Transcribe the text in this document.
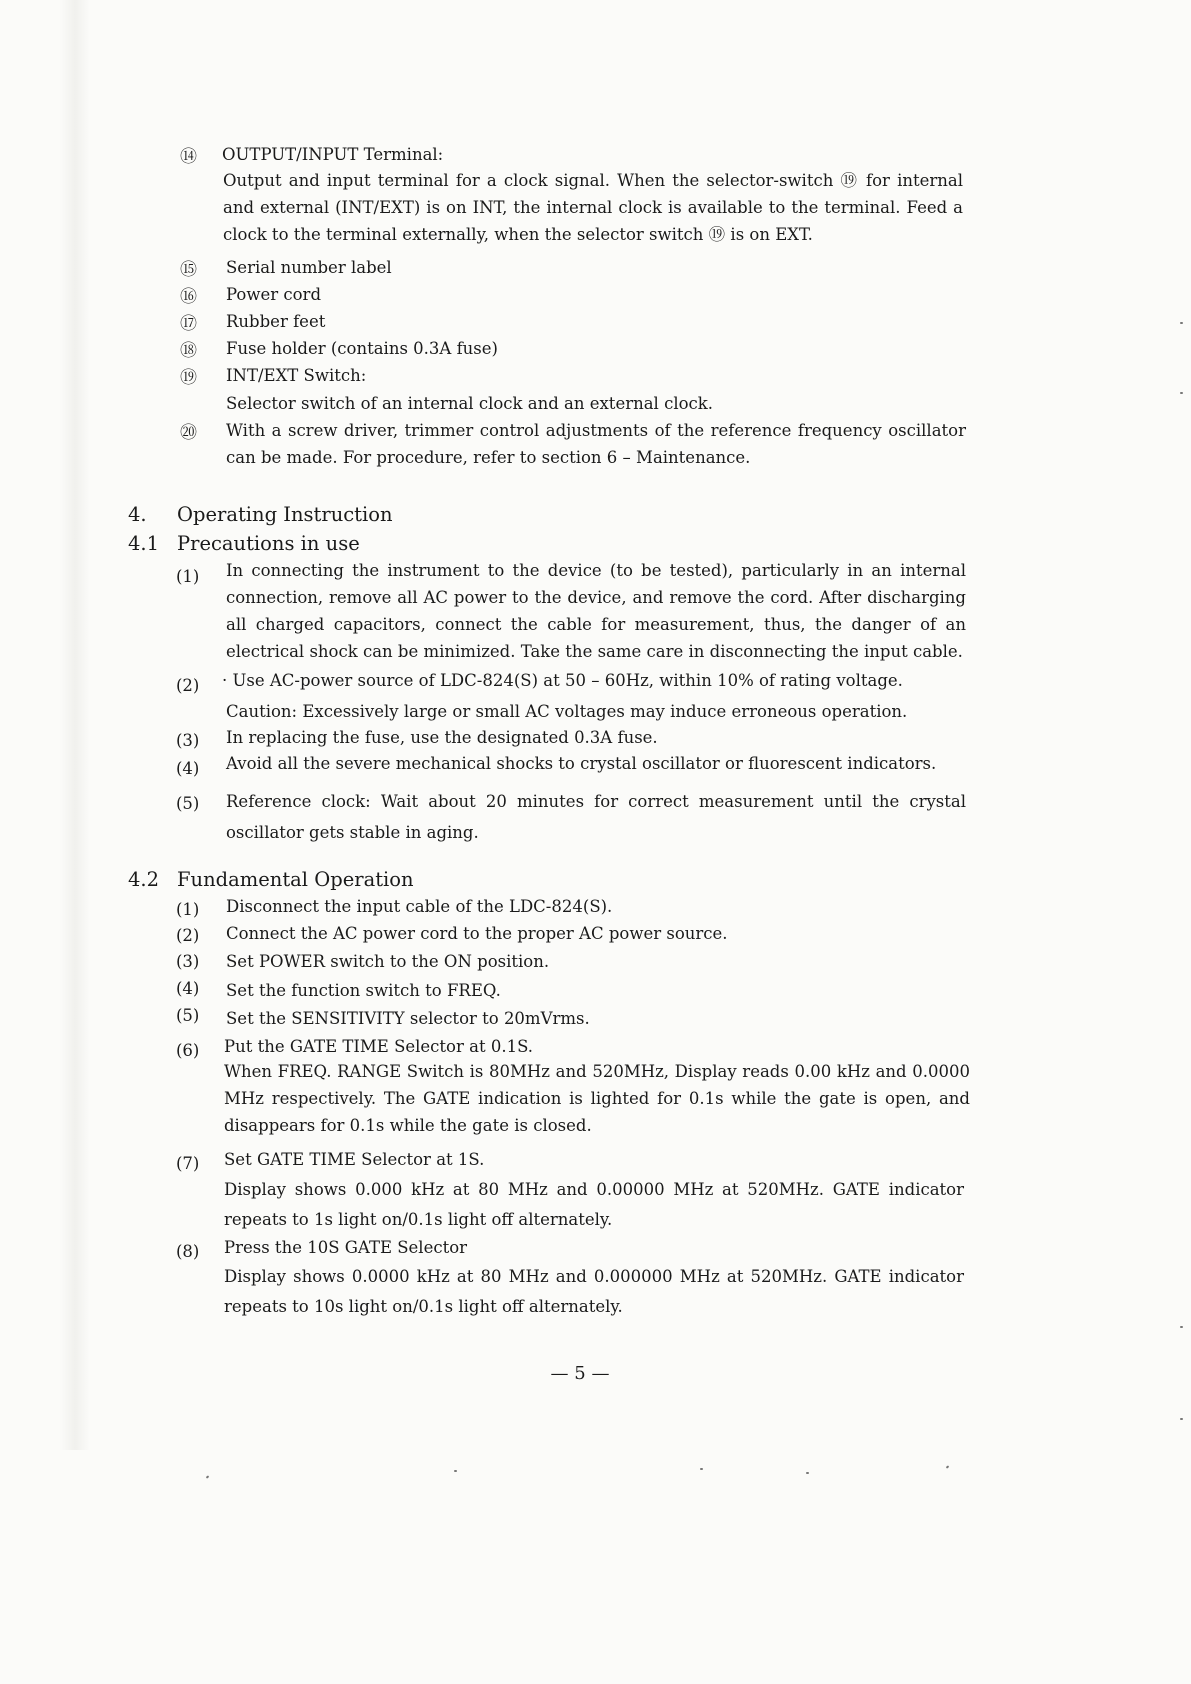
⑭	OUTPUT/INPUT Terminal:
Output and input terminal for a clock signal. When the selector-switch ⑲ for internal and external (INT/EXT) is on INT, the internal clock is available to the terminal. Feed a clock to the terminal externally, when the selector switch ⑲ is on EXT.
⑮	Serial number label
⑯	Power cord
⑰	Rubber feet
⑱	Fuse holder (contains 0.3A fuse)
⑲	INT/EXT Switch:
Selector switch of an internal clock and an external clock.
⑳	With a screw driver, trimmer control adjustments of the reference frequency oscillator can be made. For procedure, refer to section 6 – Maintenance.
4. Operating Instruction
4.1 Precautions in use
(1)	In connecting the instrument to the device (to be tested), particularly in an internal connection, remove all AC power to the device, and remove the cord. After discharging all charged capacitors, connect the cable for measurement, thus, the danger of an electrical shock can be minimized. Take the same care in disconnecting the input cable.
(2)	· Use AC-power source of LDC-824(S) at 50 – 60Hz, within 10% of rating voltage.
Caution: Excessively large or small AC voltages may induce erroneous operation.
(3)	In replacing the fuse, use the designated 0.3A fuse.
(4)	Avoid all the severe mechanical shocks to crystal oscillator or fluorescent indicators.
(5)	Reference clock: Wait about 20 minutes for correct measurement until the crystal oscillator gets stable in aging.
4.2 Fundamental Operation
(1)	Disconnect the input cable of the LDC-824(S).
(2)	Connect the AC power cord to the proper AC power source.
(3)	Set POWER switch to the ON position.
(4)	Set the function switch to FREQ.
(5)	Set the SENSITIVITY selector to 20mVrms.
(6)	Put the GATE TIME Selector at 0.1S.
When FREQ. RANGE Switch is 80MHz and 520MHz, Display reads 0.00 kHz and 0.0000 MHz respectively. The GATE indication is lighted for 0.1s while the gate is open, and disappears for 0.1s while the gate is closed.
(7)	Set GATE TIME Selector at 1S.
Display shows 0.000 kHz at 80 MHz and 0.00000 MHz at 520MHz. GATE indicator repeats to 1s light on/0.1s light off alternately.
(8)	Press the 10S GATE Selector
Display shows 0.0000 kHz at 80 MHz and 0.000000 MHz at 520MHz. GATE indicator repeats to 10s light on/0.1s light off alternately.
— 5 —
